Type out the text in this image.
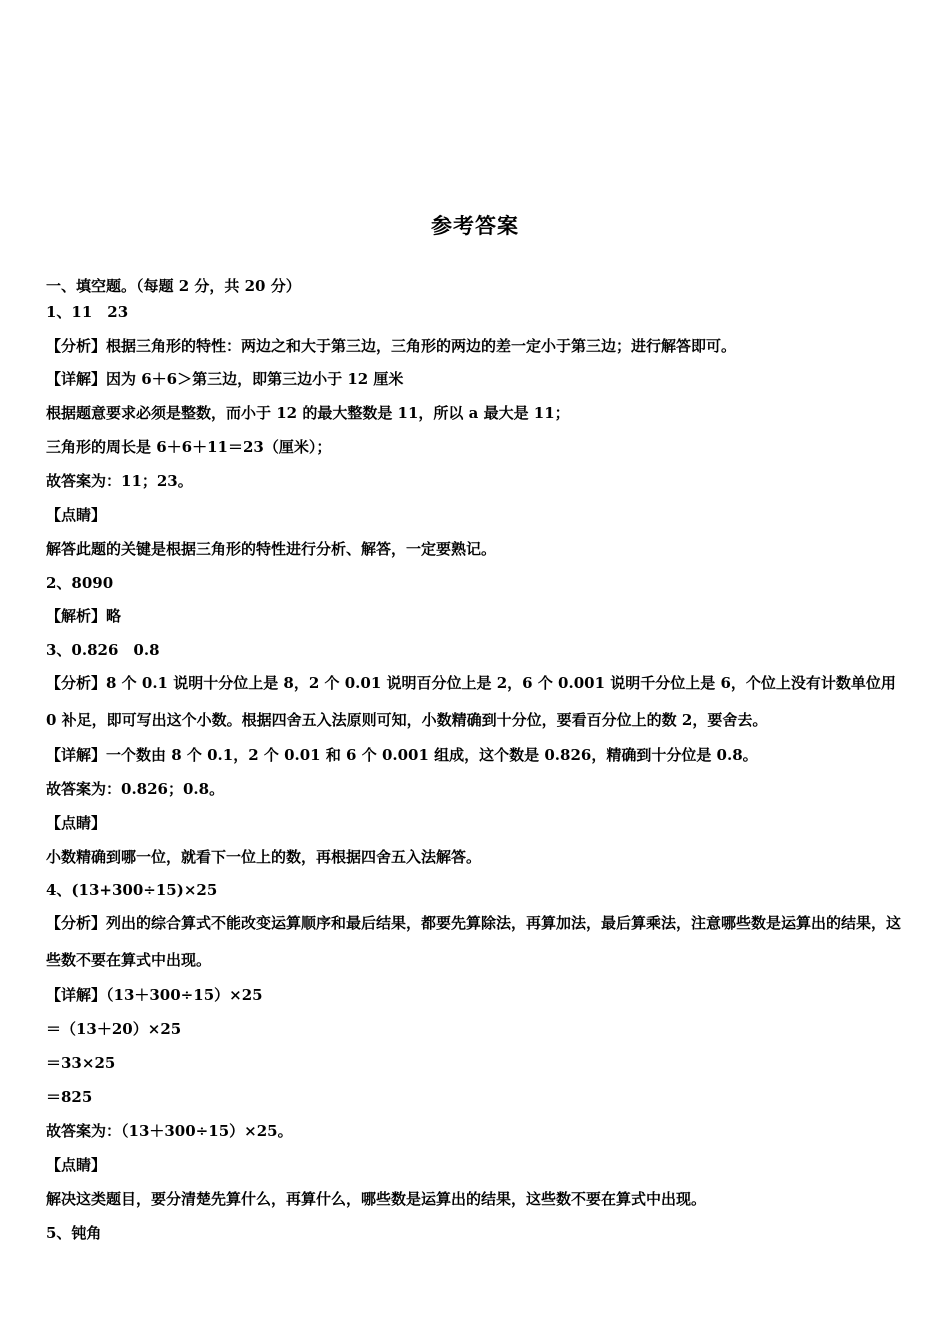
参考答案
一、填空题。（每题 2 分，共 20 分）
1、11　23
【分析】根据三角形的特性：两边之和大于第三边，三角形的两边的差一定小于第三边；进行解答即可。
【详解】因为 6＋6＞第三边，即第三边小于 12 厘米
根据题意要求必须是整数，而小于 12 的最大整数是 11，所以 a 最大是 11；
三角形的周长是 6＋6＋11＝23（厘米）；
故答案为：11；23。
【点睛】
解答此题的关键是根据三角形的特性进行分析、解答，一定要熟记。
2、8090
【解析】略
3、0.826　0.8
【分析】8 个 0.1 说明十分位上是 8，2 个 0.01 说明百分位上是 2，6 个 0.001 说明千分位上是 6，个位上没有计数单位用 0 补足，即可写出这个小数。根据四舍五入法原则可知，小数精确到十分位，要看百分位上的数 2，要舍去。
【详解】一个数由 8 个 0.1，2 个 0.01 和 6 个 0.001 组成，这个数是 0.826，精确到十分位是 0.8。
故答案为：0.826；0.8。
【点睛】
小数精确到哪一位，就看下一位上的数，再根据四舍五入法解答。
4、(13+300÷15)×25
【分析】列出的综合算式不能改变运算顺序和最后结果，都要先算除法，再算加法，最后算乘法，注意哪些数是运算出的结果，这些数不要在算式中出现。
【详解】（13＋300÷15）×25
＝（13＋20）×25
＝33×25
＝825
故答案为：（13＋300÷15）×25。
【点睛】
解决这类题目，要分清楚先算什么，再算什么，哪些数是运算出的结果，这些数不要在算式中出现。
5、钝角
